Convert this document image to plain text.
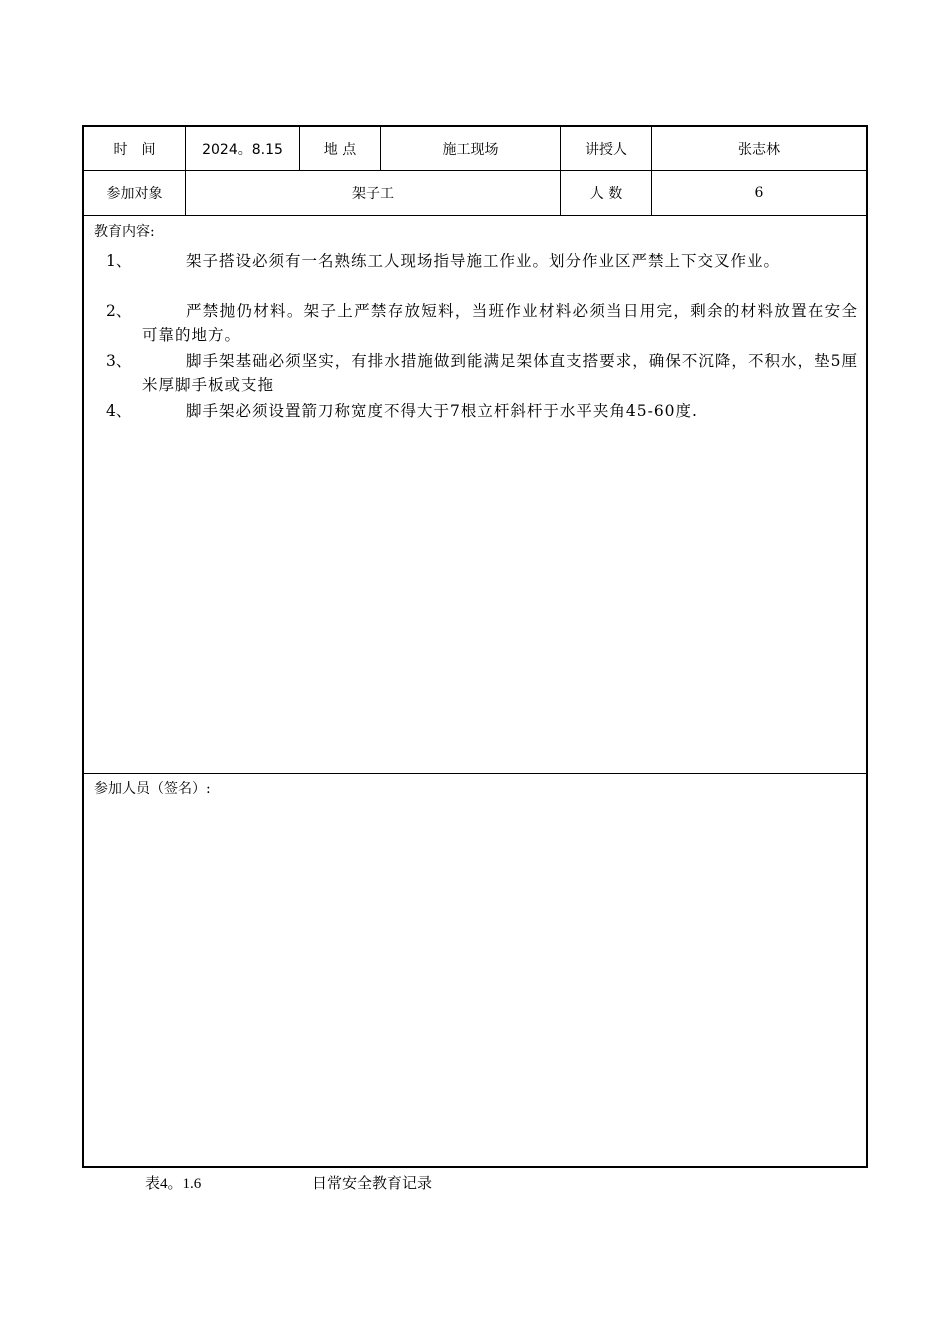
时　间	2024。8.15	地 点	施工现场	讲授人	张志林
参加对象	架子工	人 数	6
教育内容:
1、	架子搭设必须有一名熟练工人现场指导施工作业。划分作业区严禁上下交叉作业。
2、	严禁抛仍材料。架子上严禁存放短料，当班作业材料必须当日用完，剩余的材料放置在安全可靠的地方。
3、	脚手架基础必须坚实，有排水措施做到能满足架体直支搭要求，确保不沉降，不积水，垫5厘米厚脚手板或支拖
4、	脚手架必须设置箭刀称宽度不得大于7根立杆斜杆于水平夹角45-60度.
参加人员（签名）:
表4。1.6	日常安全教育记录
